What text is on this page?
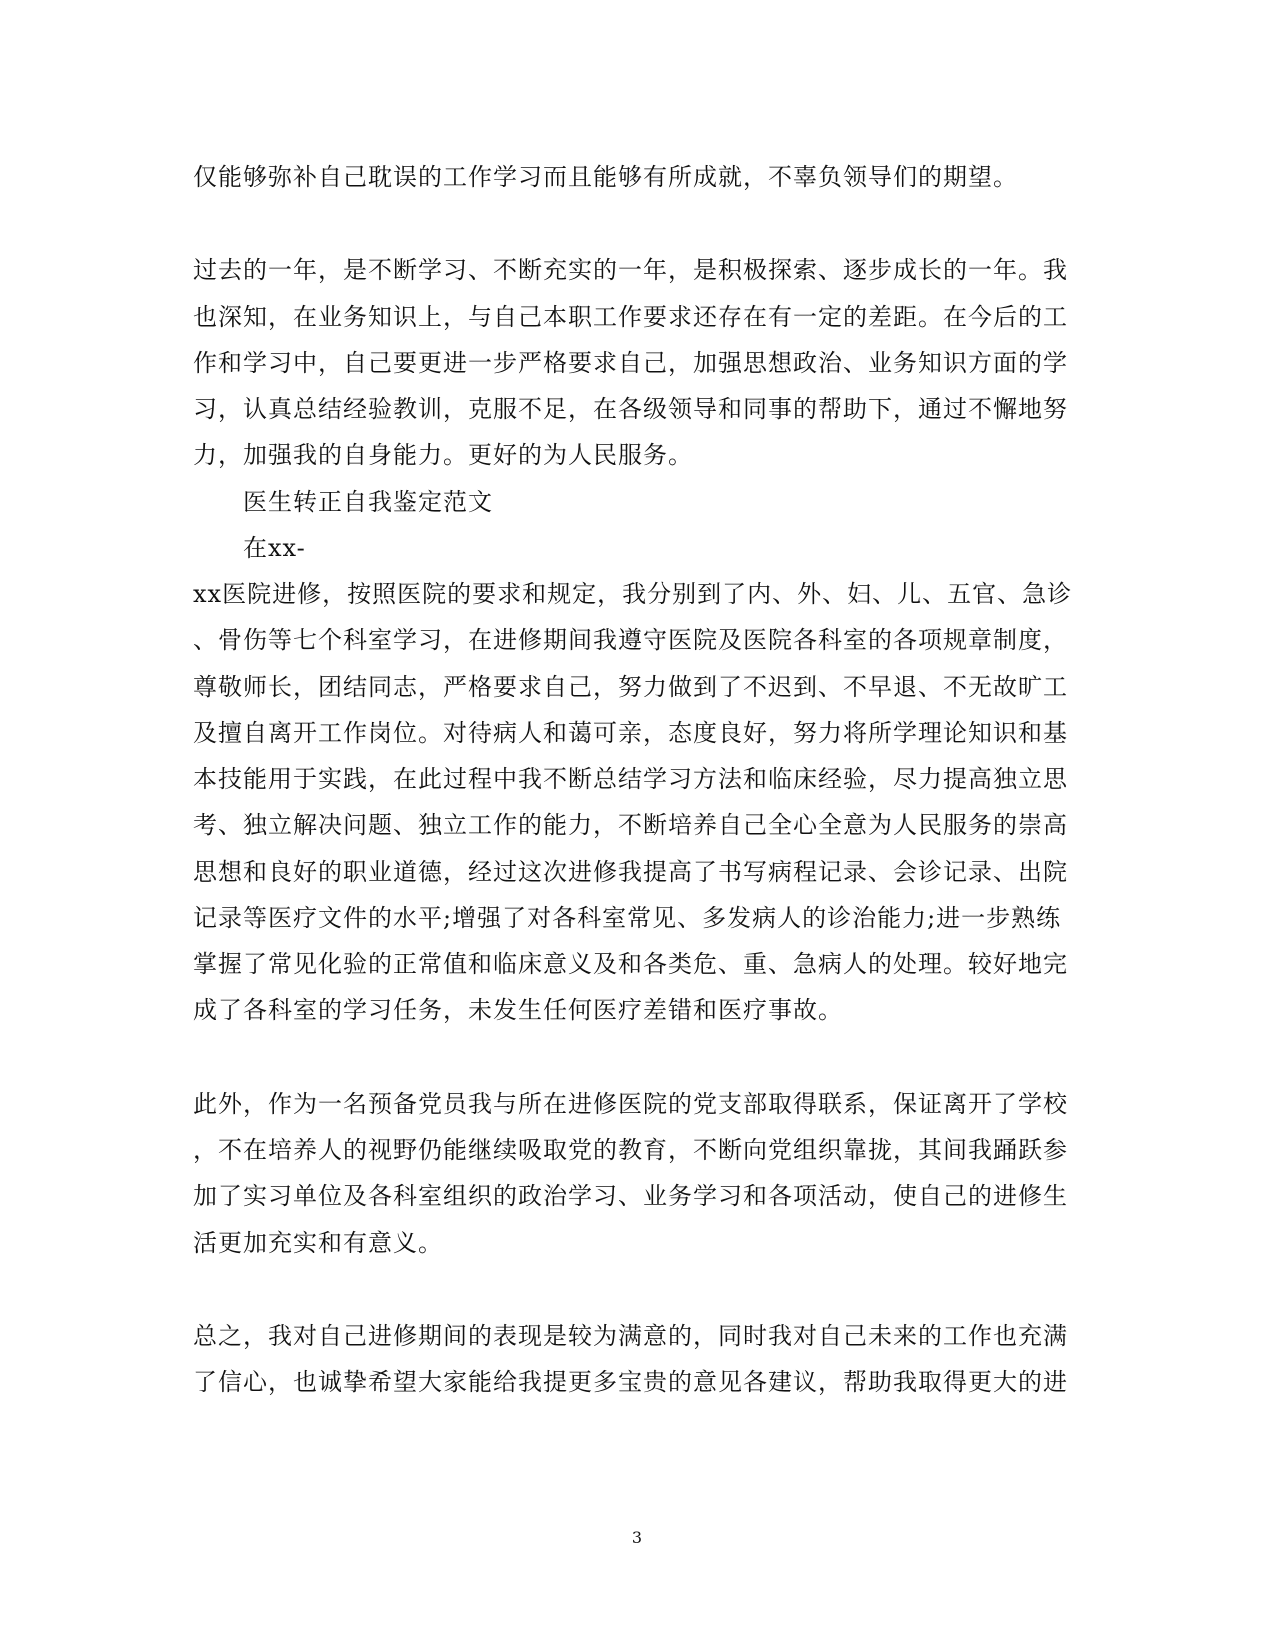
仅能够弥补自己耽误的工作学习而且能够有所成就，不辜负领导们的期望。
过去的一年，是不断学习、不断充实的一年，是积极探索、逐步成长的一年。我
也深知，在业务知识上，与自己本职工作要求还存在有一定的差距。在今后的工
作和学习中，自己要更进一步严格要求自己，加强思想政治、业务知识方面的学
习，认真总结经验教训，克服不足，在各级领导和同事的帮助下，通过不懈地努
力，加强我的自身能力。更好的为人民服务。
医生转正自我鉴定范文
在xx-
xx医院进修，按照医院的要求和规定，我分别到了内、外、妇、儿、五官、急诊
、骨伤等七个科室学习，在进修期间我遵守医院及医院各科室的各项规章制度，
尊敬师长，团结同志，严格要求自己，努力做到了不迟到、不早退、不无故旷工
及擅自离开工作岗位。对待病人和蔼可亲，态度良好，努力将所学理论知识和基
本技能用于实践，在此过程中我不断总结学习方法和临床经验，尽力提高独立思
考、独立解决问题、独立工作的能力，不断培养自己全心全意为人民服务的崇高
思想和良好的职业道德，经过这次进修我提高了书写病程记录、会诊记录、出院
记录等医疗文件的水平;增强了对各科室常见、多发病人的诊治能力;进一步熟练
掌握了常见化验的正常值和临床意义及和各类危、重、急病人的处理。较好地完
成了各科室的学习任务，未发生任何医疗差错和医疗事故。
此外，作为一名预备党员我与所在进修医院的党支部取得联系，保证离开了学校
，不在培养人的视野仍能继续吸取党的教育，不断向党组织靠拢，其间我踊跃参
加了实习单位及各科室组织的政治学习、业务学习和各项活动，使自己的进修生
活更加充实和有意义。
总之，我对自己进修期间的表现是较为满意的，同时我对自己未来的工作也充满
了信心，也诚挚希望大家能给我提更多宝贵的意见各建议，帮助我取得更大的进
3
